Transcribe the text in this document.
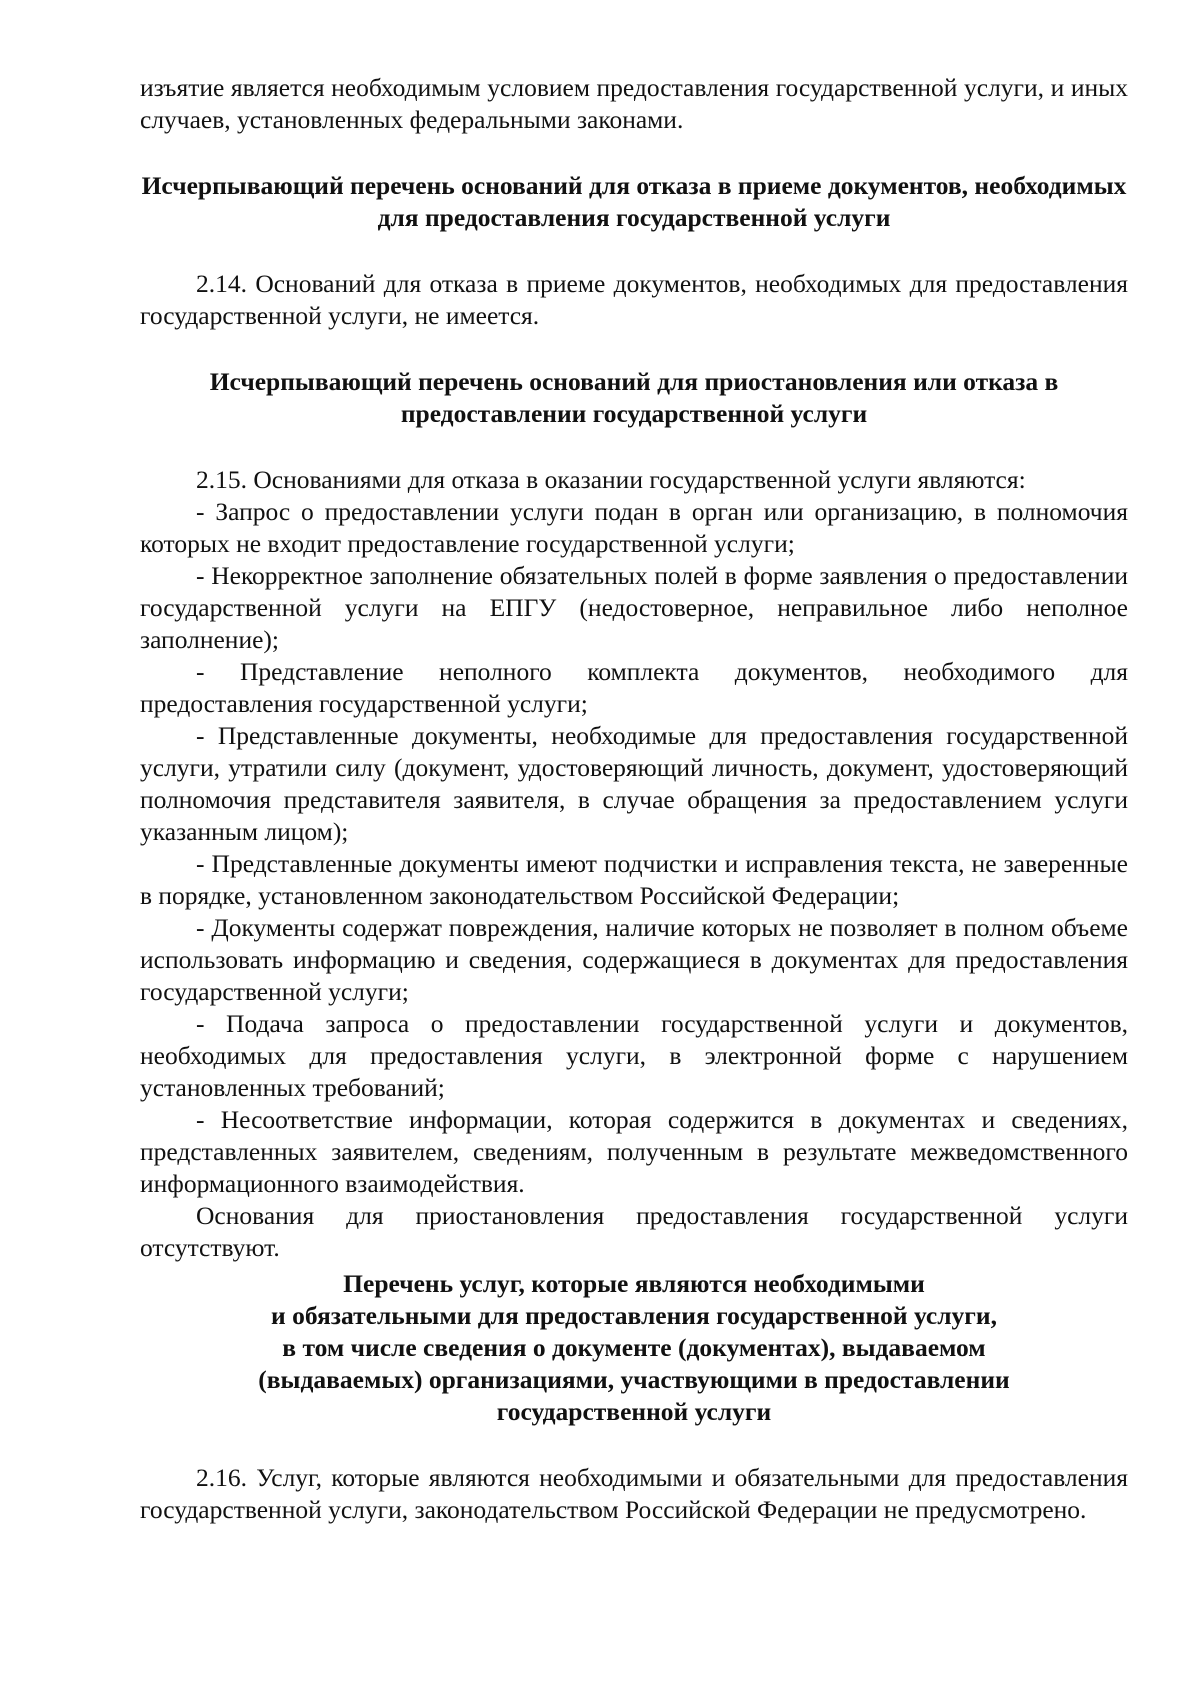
изъятие является необходимым условием предоставления государственной услуги, и иных случаев, установленных федеральными законами.

Исчерпывающий перечень оснований для отказа в приеме документов, необходимых для предоставления государственной услуги

2.14. Оснований для отказа в приеме документов, необходимых для предоставления государственной услуги, не имеется.

Исчерпывающий перечень оснований для приостановления или отказа в предоставлении государственной услуги

2.15. Основаниями для отказа в оказании государственной услуги являются:

- Запрос о предоставлении услуги подан в орган или организацию, в полномочия которых не входит предоставление государственной услуги;

- Некорректное заполнение обязательных полей в форме заявления о предоставлении государственной услуги на ЕПГУ (недостоверное, неправильное либо неполное заполнение);

- Представление неполного комплекта документов, необходимого для предоставления государственной услуги;

- Представленные документы, необходимые для предоставления государственной услуги, утратили силу (документ, удостоверяющий личность, документ, удостоверяющий полномочия представителя заявителя, в случае обращения за предоставлением услуги указанным лицом);

- Представленные документы имеют подчистки и исправления текста, не заверенные в порядке, установленном законодательством Российской Федерации;

- Документы содержат повреждения, наличие которых не позволяет в полном объеме использовать информацию и сведения, содержащиеся в документах для предоставления государственной услуги;

- Подача запроса о предоставлении государственной услуги и документов, необходимых для предоставления услуги, в электронной форме с нарушением установленных требований;

- Несоответствие информации, которая содержится в документах и сведениях, представленных заявителем, сведениям, полученным в результате межведомственного информационного взаимодействия.

Основания для приостановления предоставления государственной услуги отсутствуют.

Перечень услуг, которые являются необходимыми
и обязательными для предоставления государственной услуги,
в том числе сведения о документе (документах), выдаваемом
(выдаваемых) организациями, участвующими в предоставлении
государственной услуги

2.16. Услуг, которые являются необходимыми и обязательными для предоставления государственной услуги, законодательством Российской Федерации не предусмотрено.
